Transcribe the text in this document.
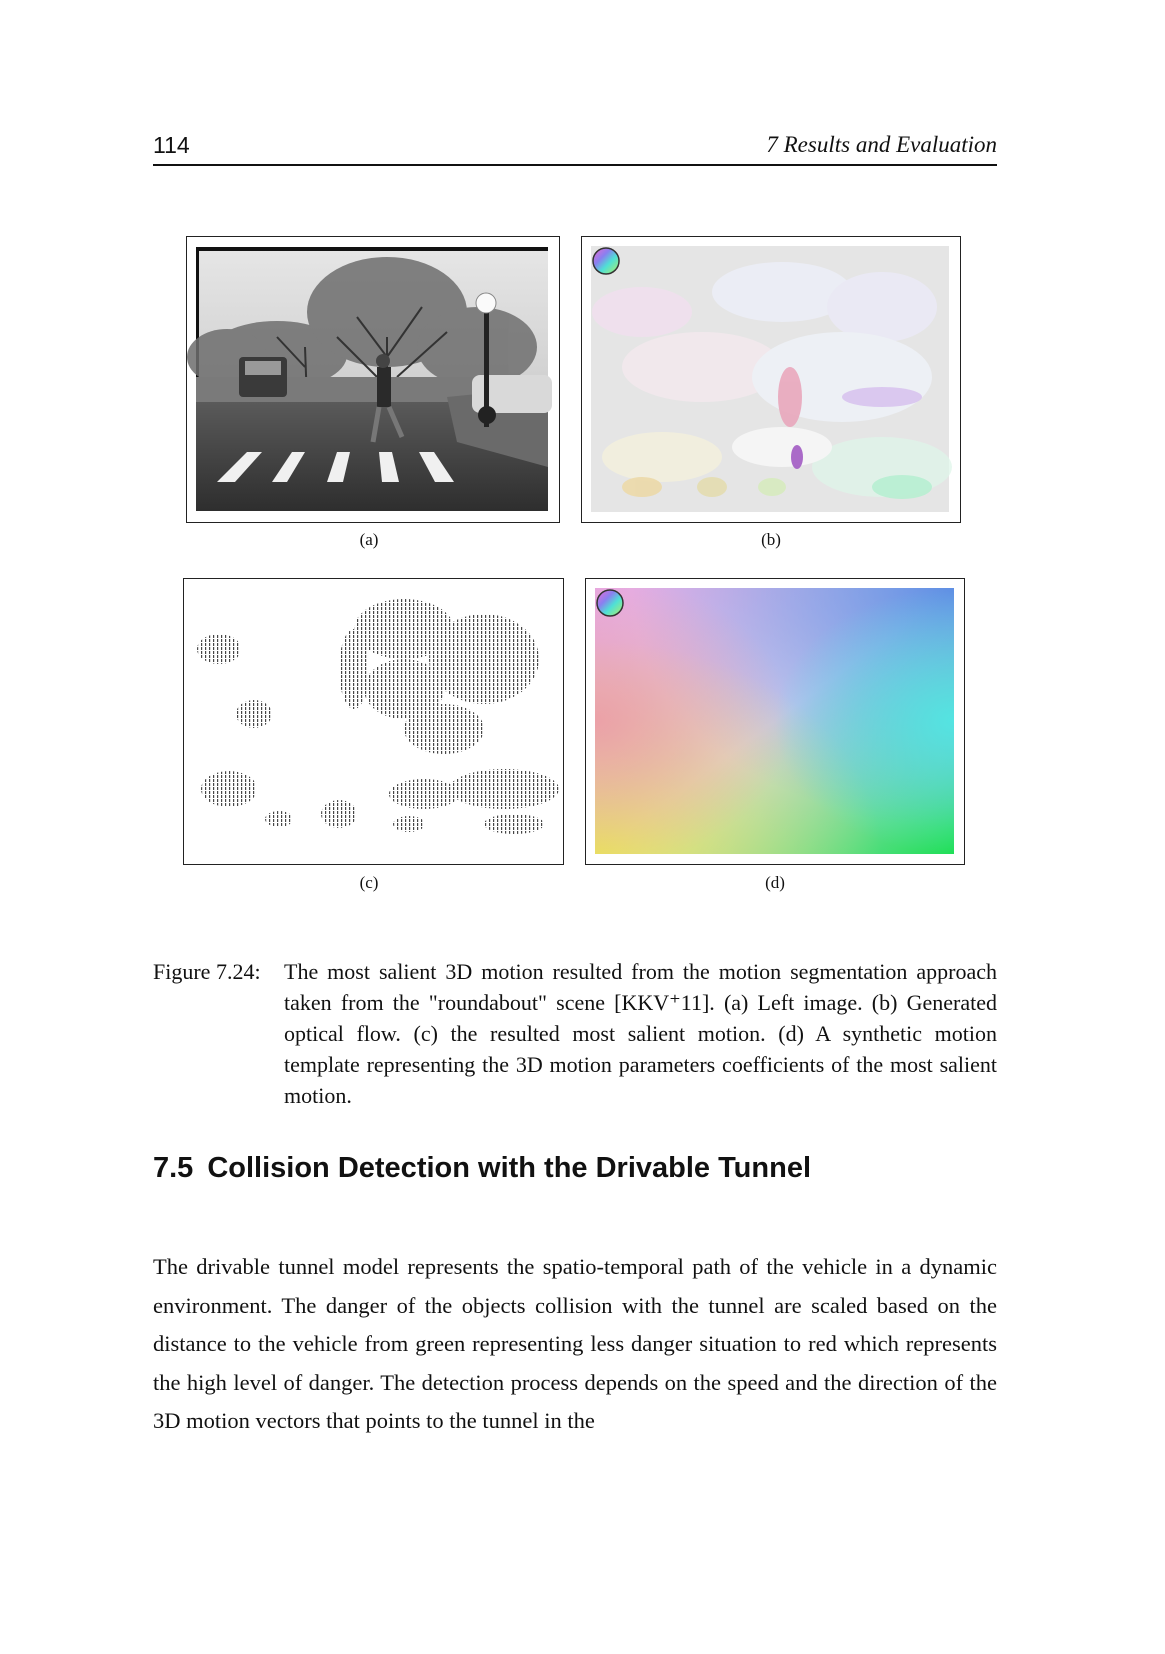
114	7 Results and Evaluation
(a)	(b)
(c)	(d)
Figure 7.24: The most salient 3D motion resulted from the motion segmentation approach taken from the "roundabout" scene [KKV⁺11]. (a) Left image. (b) Generated optical flow. (c) the resulted most salient motion. (d) A synthetic motion template representing the 3D motion parameters coefficients of the most salient motion.
7.5 Collision Detection with the Drivable Tunnel
The drivable tunnel model represents the spatio-temporal path of the vehicle in a dynamic environment. The danger of the objects collision with the tunnel are scaled based on the distance to the vehicle from green representing less danger situation to red which represents the high level of danger. The detection process depends on the speed and the direction of the 3D motion vectors that points to the tunnel in the
